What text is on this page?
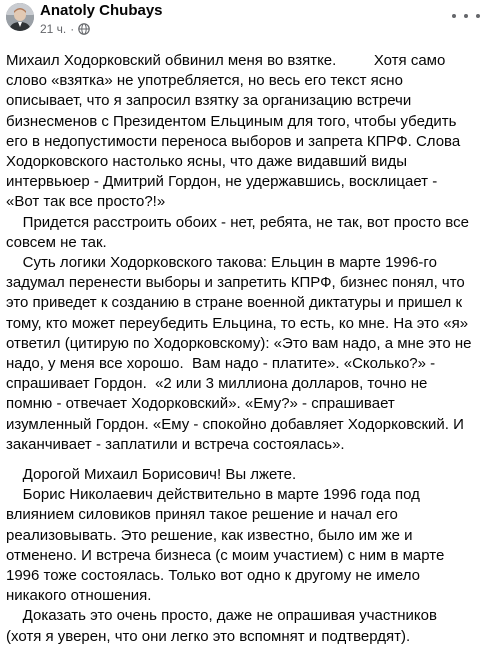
Anatoly Chubays
21 ч. ·

Михаил Ходорковский обвинил меня во взятке.         Хотя само
слово «взятка» не употребляется, но весь его текст ясно
описывает, что я запросил взятку за организацию встречи
бизнесменов с Президентом Ельциным для того, чтобы убедить
его в недопустимости переноса выборов и запрета КПРФ. Слова
Ходорковского настолько ясны, что даже видавший виды
интервьюер - Дмитрий Гордон, не удержавшись, восклицает -
«Вот так все просто?!»

Придется расстроить обоих - нет, ребята, не так, вот просто все
совсем не так.

Суть логики Ходорковского такова: Ельцин в марте 1996-го
задумал перенести выборы и запретить КПРФ, бизнес понял, что
это приведет к созданию в стране военной диктатуры и пришел к
тому, кто может переубедить Ельцина, то есть, ко мне. На это «я»
ответил (цитирую по Ходорковскому): «Это вам надо, а мне это не
надо, у меня все хорошо.  Вам надо - платите». «Сколько?» -
спрашивает Гордон.  «2 или 3 миллиона долларов, точно не
помню - отвечает Ходорковский». «Ему?» - спрашивает
изумленный Гордон. «Ему - спокойно добавляет Ходорковский. И
заканчивает - заплатили и встреча состоялась».

Дорогой Михаил Борисович! Вы лжете.
Борис Николаевич действительно в марте 1996 года под
влиянием силовиков принял такое решение и начал его
реализовывать. Это решение, как известно, было им же и
отменено. И встреча бизнеса (с моим участием) с ним в марте
1996 тоже состоялась. Только вот одно к другому не имело
никакого отношения.
Доказать это очень просто, даже не опрашивая участников
(хотя я уверен, что они легко это вспомнят и подтвердят).
